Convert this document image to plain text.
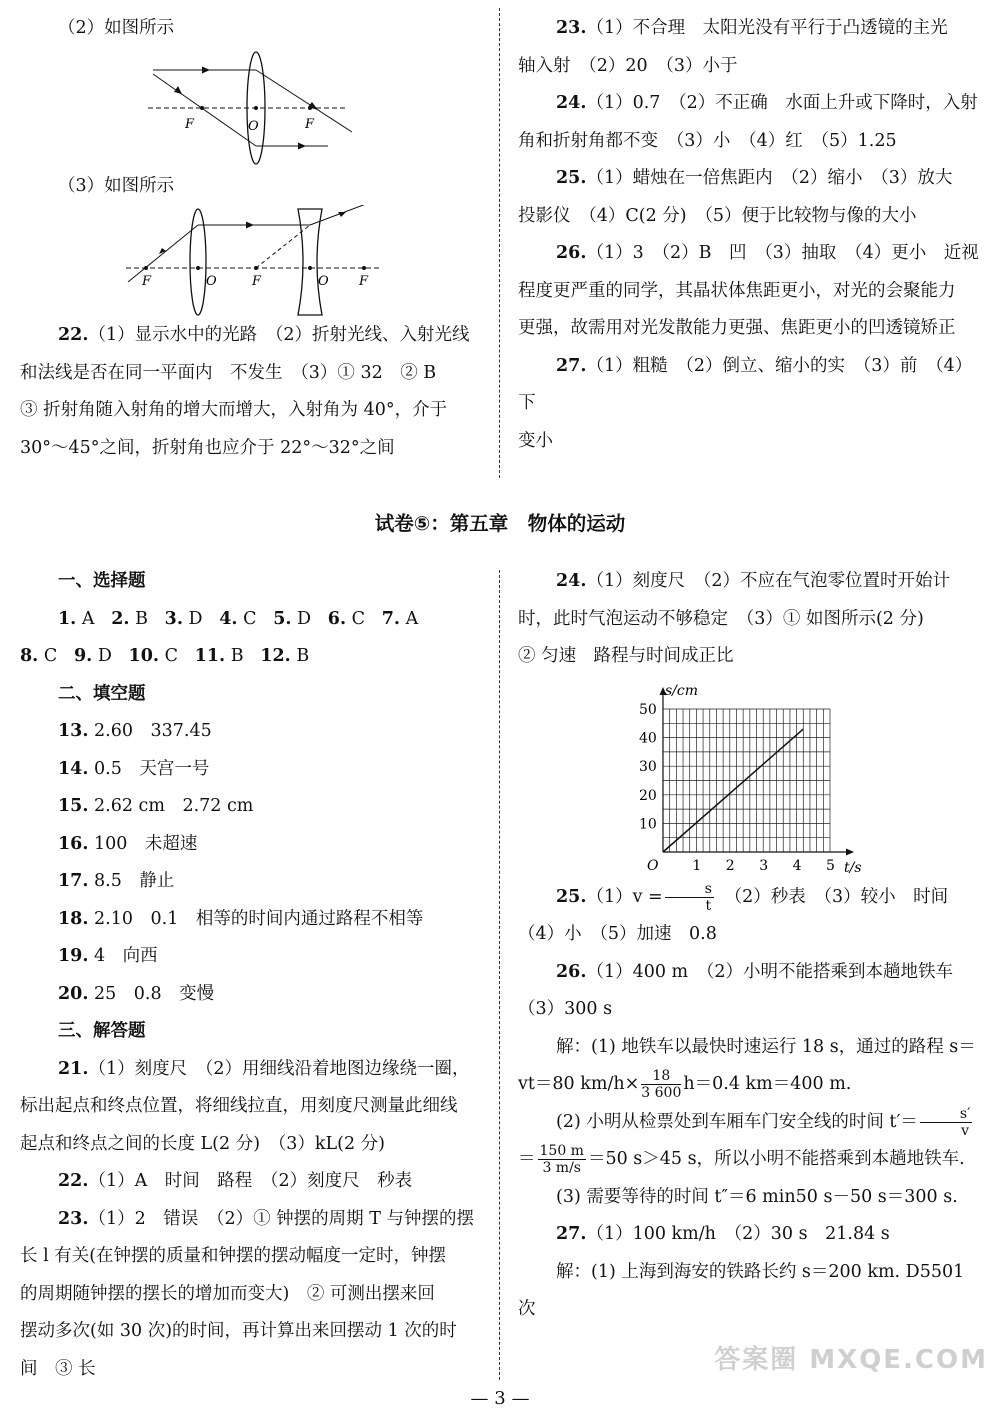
（2）如图所示

F	O	F

（3）如图所示

F	O	F	O F

22.（1）显示水中的光路　（2）折射光线、入射光线

和法线是否在同一平面内　不发生　（3）① 32　② B

③ 折射角随入射角的增大而增大，入射角为 40°，介于

30°～45°之间，折射角也应介于 22°～32°之间

23.（1）不合理　太阳光没有平行于凸透镜的主光

轴入射　（2）20　（3）小于

24.（1）0.7　（2）不正确　水面上升或下降时，入射

角和折射角都不变　（3）小　（4）红　（5）1.25

25.（1）蜡烛在一倍焦距内　（2）缩小　（3）放大

投影仪　（4）C(2 分)　（5）便于比较物与像的大小

26.（1）3　（2）B　凹　（3）抽取　（4）更小　近视

程度更严重的同学，其晶状体焦距更小，对光的会聚能力

更强，故需用对光发散能力更强、焦距更小的凹透镜矫正

27.（1）粗糙　（2）倒立、缩小的实　（3）前　（4）下

变小

试卷⑤：第五章　物体的运动

一、选择题

1. A 2. B 3. D 4. C 5. D 6. C 7. A

8. C 9. D 10. C 11. B 12. B

二、填空题

13. 2.60　337.45

14. 0.5　天宫一号

15. 2.62 cm　2.72 cm

16. 100　未超速

17. 8.5　静止

18. 2.10　0.1　相等的时间内通过路程不相等

19. 4　向西

20. 25　0.8　变慢

三、解答题

21.（1）刻度尺　（2）用细线沿着地图边缘绕一圈，

标出起点和终点位置，将细线拉直，用刻度尺测量此细线

起点和终点之间的长度 L(2 分)　（3）kL(2 分)

22.（1）A　时间　路程　（2）刻度尺　秒表

23.（1）2　错误　（2）① 钟摆的周期 T 与钟摆的摆

长 l 有关(在钟摆的质量和钟摆的摆动幅度一定时，钟摆

的周期随钟摆的摆长的增加而变大)　② 可测出摆来回

摆动多次(如 30 次)的时间，再计算出来回摆动 1 次的时

间　③ 长

24.（1）刻度尺　（2）不应在气泡零位置时开始计

时，此时气泡运动不够稳定　（3）① 如图所示(2 分)

② 匀速　路程与时间成正比

1 2 3 4 5
10
20
30
40
50
O	t/s
s/cm

$25.(1)v = \frac{s}{t}$ 　（2）秒表　（3）较小　时间

（4）小　（5）加速　0.8

26.（1）400 m　（2）小明不能搭乘到本趟地铁车

（3）300 s

解：(1) 地铁车以最快时速运行 18 s，通过的路程 s＝

vt＝80 $km/h\times \frac{18}{3 600} h=0.4$ km＝400 m.

(2) 小明从检票处到车厢车门安全线的时间 $t'= \frac{s'}{v}$

＝ $\frac{150 m}{3 m/s} =50$ s＞45 s，所以小明不能搭乘到本趟地铁车.

(3) 需要等待的时间 t″＝6 min50 s－50 s＝300 s.

27.（1）100 km/h　（2）30 s　21.84 s

解：(1) 上海到海安的铁路长约 s＝200 km. D5501 次

答案圈 MXQE.COM
— 3 —
